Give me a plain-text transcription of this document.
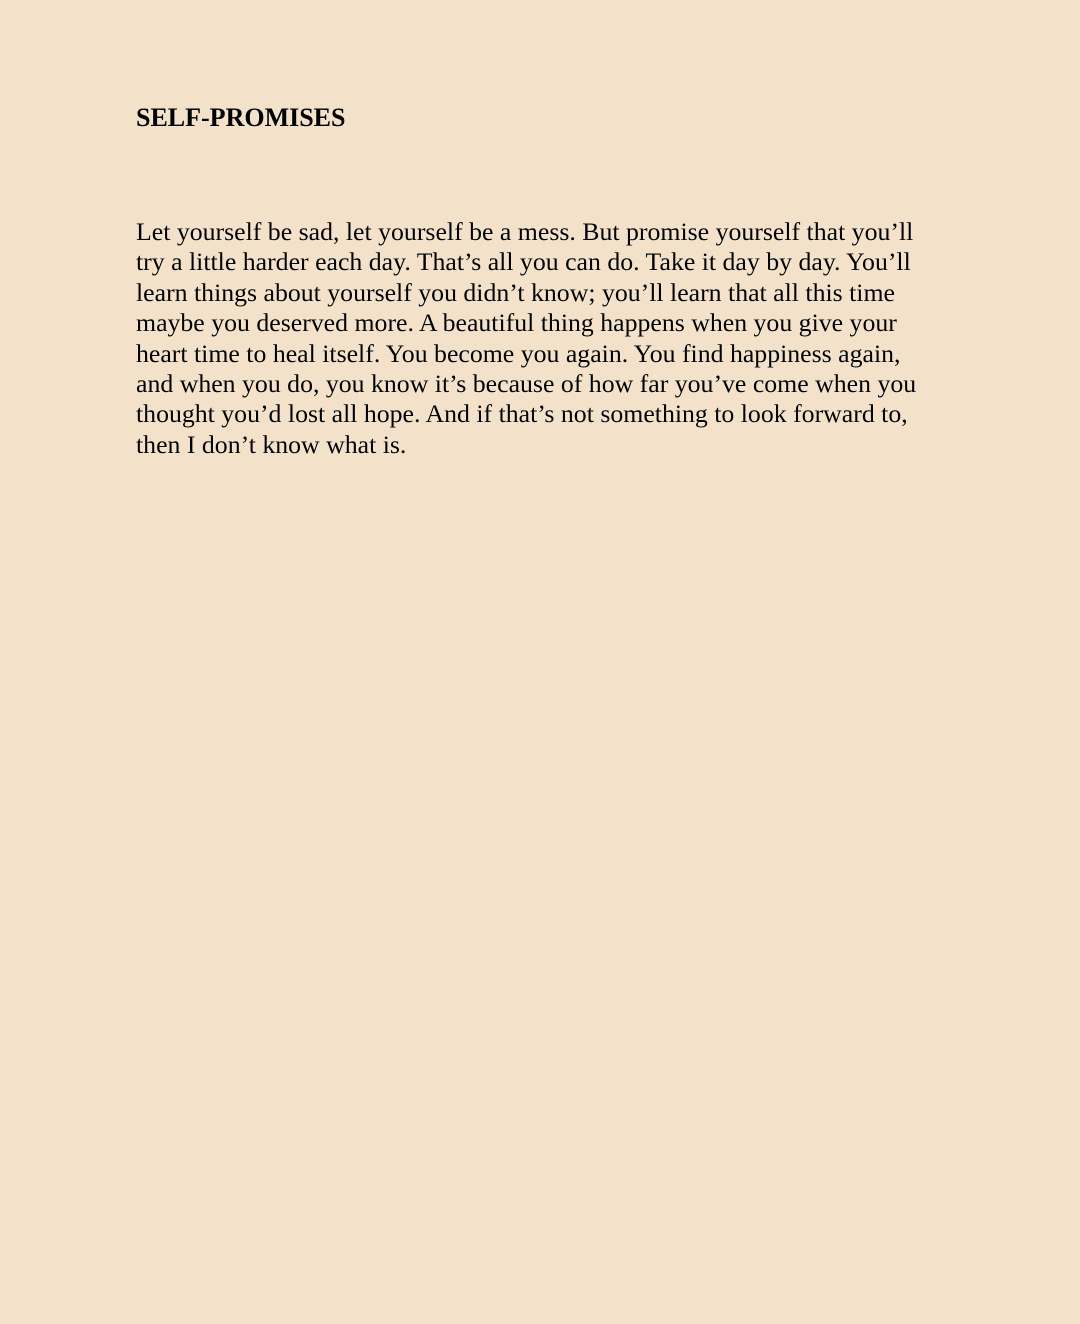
SELF-PROMISES

Let yourself be sad, let yourself be a mess. But promise yourself that you’ll
try a little harder each day. That’s all you can do. Take it day by day. You’ll
learn things about yourself you didn’t know; you’ll learn that all this time
maybe you deserved more. A beautiful thing happens when you give your
heart time to heal itself. You become you again. You find happiness again,
and when you do, you know it’s because of how far you’ve come when you
thought you’d lost all hope. And if that’s not something to look forward to,
then I don’t know what is.
